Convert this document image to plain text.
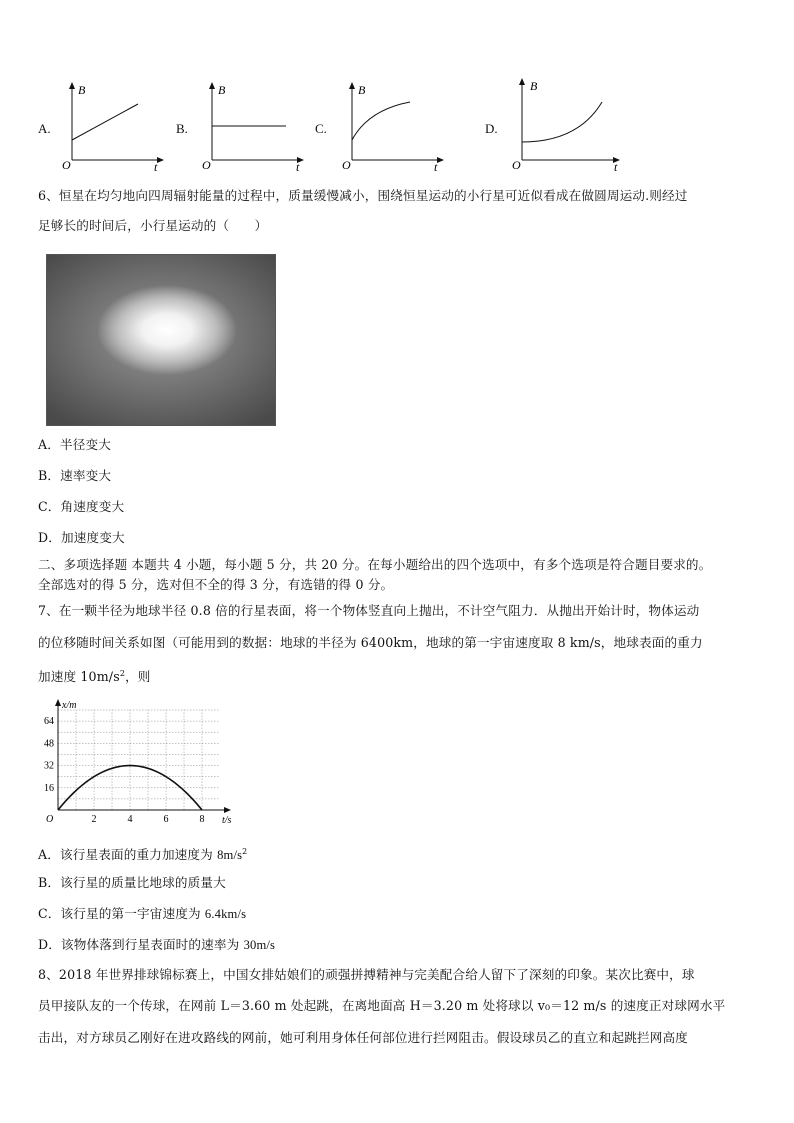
A.
B
t
O
B.
B
t
O
C.
B
t
O
D.
B
t
O
6、恒星在均匀地向四周辐射能量的过程中，质量缓慢减小，围绕恒星运动的小行星可近似看成在做圆周运动.则经过
足够长的时间后，小行星运动的（　　）
A．半径变大
B．速率变大
C．角速度变大
D．加速度变大
二、多项选择题 本题共 4 小题，每小题 5 分，共 20 分。在每小题给出的四个选项中，有多个选项是符合题目要求的。
全部选对的得 5 分，选对但不全的得 3 分，有选错的得 0 分。
7、在一颗半径为地球半径 0.8 倍的行星表面，将一个物体竖直向上抛出，不计空气阻力．从抛出开始计时，物体运动
的位移随时间关系如图（可能用到的数据：地球的半径为 6400km，地球的第一宇宙速度取 8 km/s，地球表面的重力
加速度 $10m/s^2$，则
2	4	6	8
16
32
48
64
x/m
t/s
O
A．该行星表面的重力加速度为 $8m/s^2$
B．该行星的质量比地球的质量大
C．该行星的第一宇宙速度为 6.4km/s
D．该物体落到行星表面时的速率为 30m/s
8、2018 年世界排球锦标赛上，中国女排姑娘们的顽强拼搏精神与完美配合给人留下了深刻的印象。某次比赛中，球
员甲接队友的一个传球，在网前 L＝3.60 m 处起跳，在离地面高 H＝3.20 m 处将球以 v₀＝12 m/s 的速度正对球网水平
击出，对方球员乙刚好在进攻路线的网前，她可利用身体任何部位进行拦网阻击。假设球员乙的直立和起跳拦网高度
